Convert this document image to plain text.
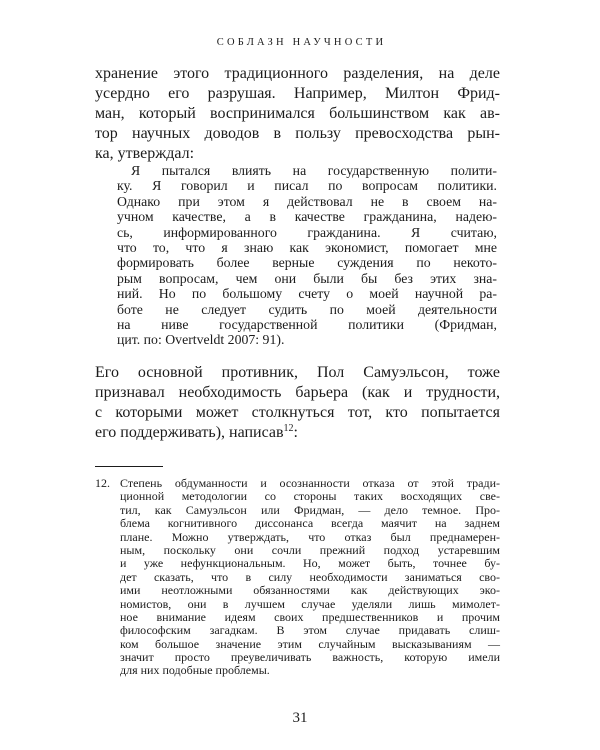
СОБЛАЗН НАУЧНОСТИ
хранение этого традиционного разделения, на деле
усердно его разрушая. Например, Милтон Фрид-
ман, который воспринимался большинством как ав-
тор научных доводов в пользу превосходства рын-
ка, утверждал:
Я пытался влиять на государственную полити-
ку. Я говорил и писал по вопросам политики.
Однако при этом я действовал не в своем на-
учном качестве, а в качестве гражданина, надею-
сь, информированного гражданина. Я считаю,
что то, что я знаю как экономист, помогает мне
формировать более верные суждения по некото-
рым вопросам, чем они были бы без этих зна-
ний. Но по большому счету о моей научной ра-
боте не следует судить по моей деятельности
на ниве государственной политики (Фридман,
цит. по: Overtveldt 2007: 91).
Его основной противник, Пол Самуэльсон, тоже
признавал необходимость барьера (как и трудности,
с которыми может столкнуться тот, кто попытается
его поддерживать), написав$^{12}$:
12. Степень обдуманности и осознанности отказа от этой тради-
ционной методологии со стороны таких восходящих све-
тил, как Самуэльсон или Фридман, — дело темное. Про-
блема когнитивного диссонанса всегда маячит на заднем
плане. Можно утверждать, что отказ был преднамерен-
ным, поскольку они сочли прежний подход устаревшим
и уже нефункциональным. Но, может быть, точнее бу-
дет сказать, что в силу необходимости заниматься сво-
ими неотложными обязанностями как действующих эко-
номистов, они в лучшем случае уделяли лишь мимолет-
ное внимание идеям своих предшественников и прочим
философским загадкам. В этом случае придавать слиш-
ком большое значение этим случайным высказываниям —
значит просто преувеличивать важность, которую имели
для них подобные проблемы.
31
